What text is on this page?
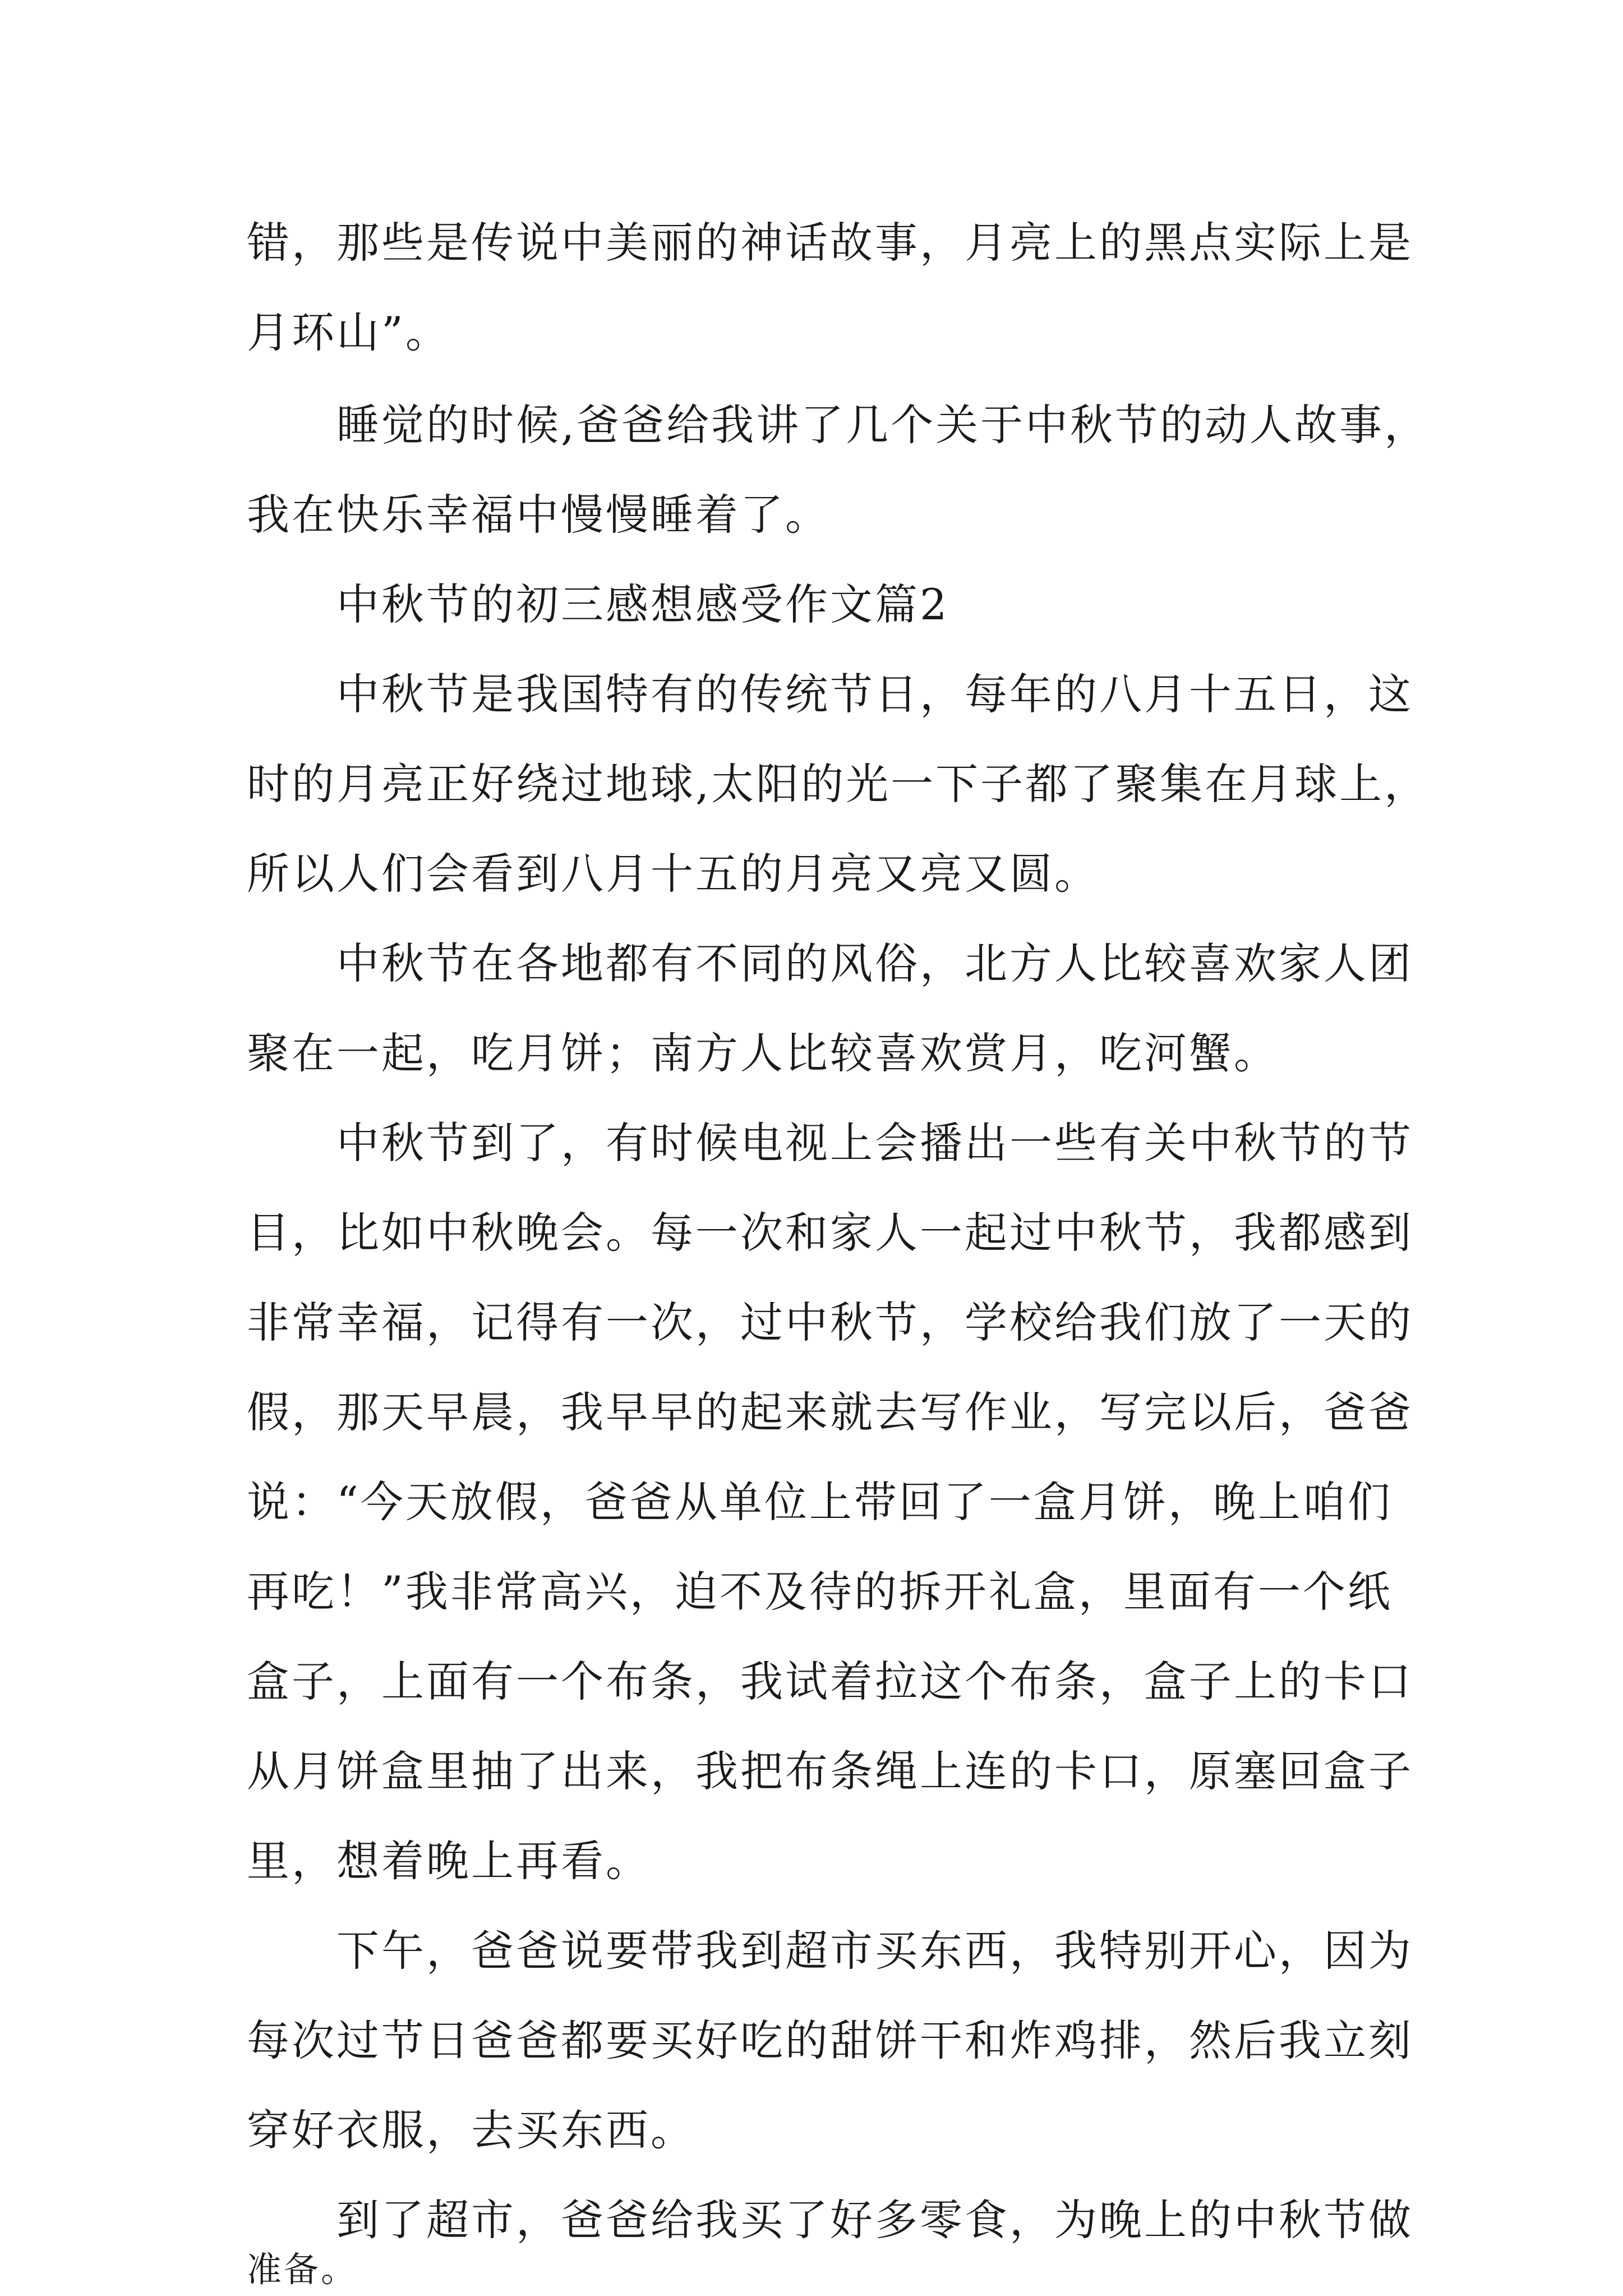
错，那些是传说中美丽的神话故事，月亮上的黑点实际上是

月环山”。

睡觉的时候,爸爸给我讲了几个关于中秋节的动人故事，

我在快乐幸福中慢慢睡着了。

中秋节的初三感想感受作文篇2

中秋节是我国特有的传统节日，每年的八月十五日，这

时的月亮正好绕过地球,太阳的光一下子都了聚集在月球上，

所以人们会看到八月十五的月亮又亮又圆。

中秋节在各地都有不同的风俗，北方人比较喜欢家人团

聚在一起，吃月饼；南方人比较喜欢赏月，吃河蟹。

中秋节到了，有时候电视上会播出一些有关中秋节的节

目，比如中秋晚会。每一次和家人一起过中秋节，我都感到

非常幸福，记得有一次，过中秋节，学校给我们放了一天的

假，那天早晨，我早早的起来就去写作业，写完以后，爸爸

说：“今天放假，爸爸从单位上带回了一盒月饼，晚上咱们

再吃！”我非常高兴，迫不及待的拆开礼盒，里面有一个纸

盒子，上面有一个布条，我试着拉这个布条，盒子上的卡口

从月饼盒里抽了出来，我把布条绳上连的卡口，原塞回盒子

里，想着晚上再看。

下午，爸爸说要带我到超市买东西，我特别开心，因为

每次过节日爸爸都要买好吃的甜饼干和炸鸡排，然后我立刻

穿好衣服，去买东西。

到了超市，爸爸给我买了好多零食，为晚上的中秋节做

准备。
